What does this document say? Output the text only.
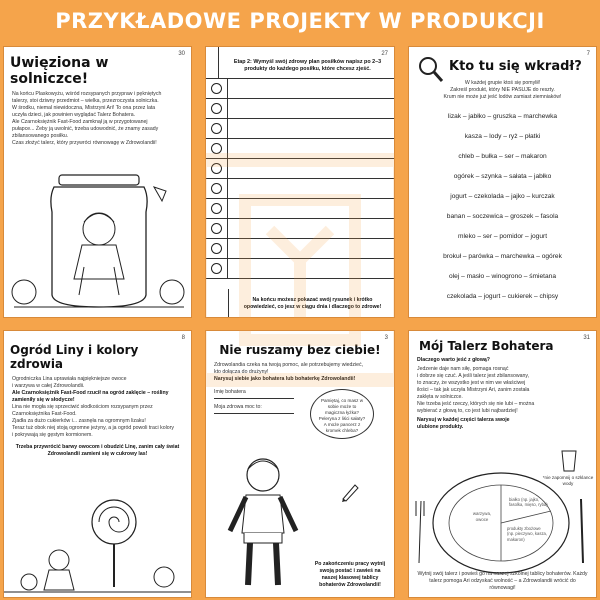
PRZYKŁADOWE PROJEKTY W PRODUKCJI
30
Uwięziona w solniczce!
Na końcu Plaskowyżu, wśród rozsypanych przypraw i pękniętych
talerzy, stoi dziwny przedmiot – wielka, przezroczysta solniczka.
W środku, niemal niewidoczna, Mistrzyni Ari! To ona przez lata
uczyła dzieci, jak powinien wyglądać Talerz Bohatera.
Ale Czarnoksiężnik Fast-Food zamknął ją w przygotowanej
pułapce... Żeby ją uwolnić, trzeba udowodnić, że znamy zasady
zbilansowanego posiłku.
Czas złożyć talerz, który przywróci równowagę w Zdrowolandii!
27
Etap 2: Wymyśl swój zdrowy plan posiłków napisz po 2–3 produkty do każdego posiłku, które chcesz zjeść.
Na końcu możesz pokazać swój rysunek i krótko opowiedzieć, co jesz w ciągu dnia i dlaczego to zdrowe!
7
Kto tu się wkradł?
W każdej grupie ktoś się pomylił!
Zakreśl produkt, który NIE PASUJE do reszty.
Krum nie może już jeść lodów zamiast ziemniaków!
lizak – jabłko – gruszka – marchewka
kasza – lody – ryż – płatki
chleb – bułka – ser – makaron
ogórek – szynka – sałata – jabłko
jogurt – czekolada – jajko – kurczak
banan – soczewica – groszek – fasola
mleko – ser – pomidor – jogurt
brokuł – parówka – marchewka – ogórek
olej – masło – winogrono – śmietana
czekolada – jogurt – cukierek – chipsy
8
Ogród Liny i kolory zdrowia
Ogrodniczka Lina uprawiała najpiękniejsze owoce
i warzywa w całej Zdrowolandii.
Ale Czarnoksiężnik Fast-Food rzucił na ogród zaklęcie – rośliny
zamieniły się w słodycze!
Lina nie mogła się sprzeciwić słodkościom rozsypanym przez
Czarnoksiężnika Fast-Food.
Zjadła za dużo cukierków i... zasnęła na ogromnym lizaku!
Teraz tuż obok niej stoją ogromne jeżyny, a ja ogród powoli traci kolory
i pokrywają się gęstym kormionem.
Trzeba przywrócić barwy owocom i obudzić Linę, zanim cały świat Zdrowolandii zamieni się w cukrowy las!
3
Nie ruszamy bez ciebie!
Zdrowolandia czeka na twoją pomoc, ale potrzebujemy wiedzieć,
kto dołącza do drużyny!
Narysuj siebie jako bohatera lub bohaterkę Zdrowolandii!
Imię bohatera
Moja zdrowa moc to:
Pamiętaj, co masz w sobie może to magiczna łyżka? Peleryna z liści sałaty? A może pancerz z kromek chleba?
Po zakończeniu pracy wytnij swoją postać i zawieś na naszej klasowej tablicy bohaterów Zdrowolandii!
31
Mój Talerz Bohatera
Dlaczego warto jeść z głową?
Jedzenie daje nam siłę, pomaga rosnąć
i dobrze się czuć. A jeśli talerz jest zbilansowany,
to znaczy, że wszystko jest w nim we właściwej
ilości – tak jak uczyła Mistrzyni Ari, zanim została
zaklęta w solniczce.
Nie trzeba jeść rzeczy, których się nie lubi – można
wybierać z głową to, co jest lubi najbardziej!
Narysuj w każdej części talerza swoje ulubione produkty.
*nie zapomnij o szklance wody
warzywa, owoce
białko (np. jajko, fasolka, mięso, ryba)
produkty zbożowe (np. pieczywo, kasza, makaron)
Wytnij swój talerz i powieś go na naszej szkolnej tablicy bohaterów. Każdy talerz pomoga Ari odzyskać wolność – a Zdrowolandii wrócić do równowagi!
